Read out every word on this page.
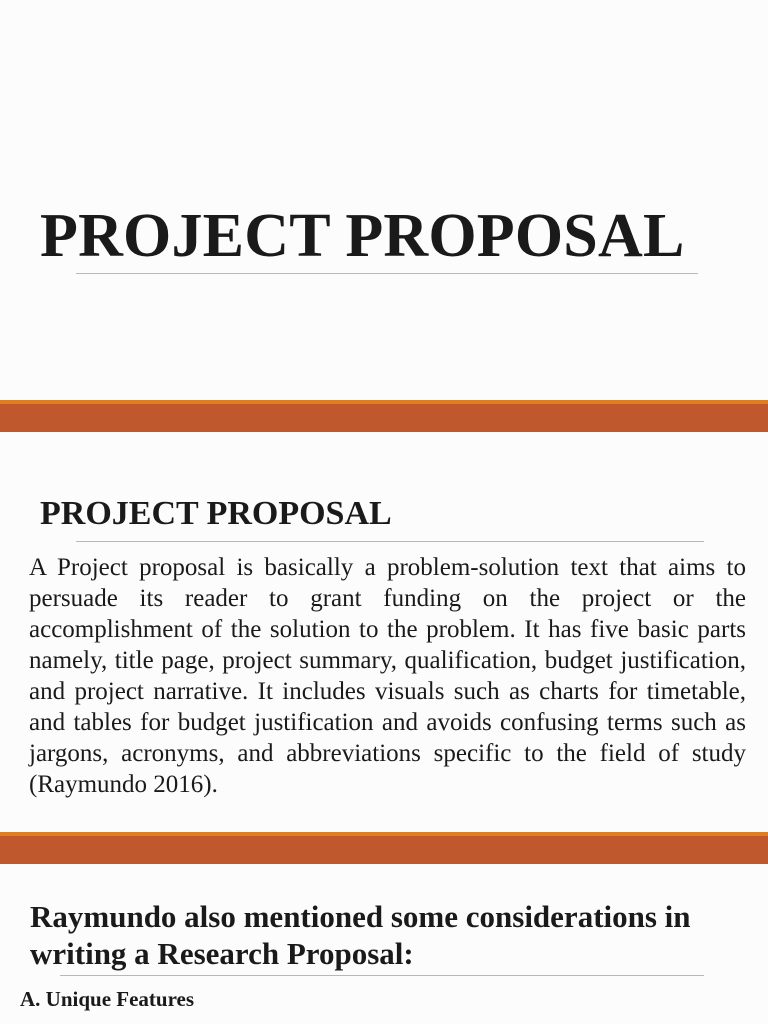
PROJECT PROPOSAL
PROJECT PROPOSAL

A Project proposal is basically a problem-solution text that aims to persuade its reader to grant funding on the project or the accomplishment of the solution to the problem. It has five basic parts namely, title page, project summary, qualification, budget justification, and project narrative. It includes visuals such as charts for timetable, and tables for budget justification and avoids confusing terms such as jargons, acronyms, and abbreviations specific to the field of study (Raymundo 2016).

Raymundo also mentioned some considerations in writing a Research Proposal:

A. Unique Features
